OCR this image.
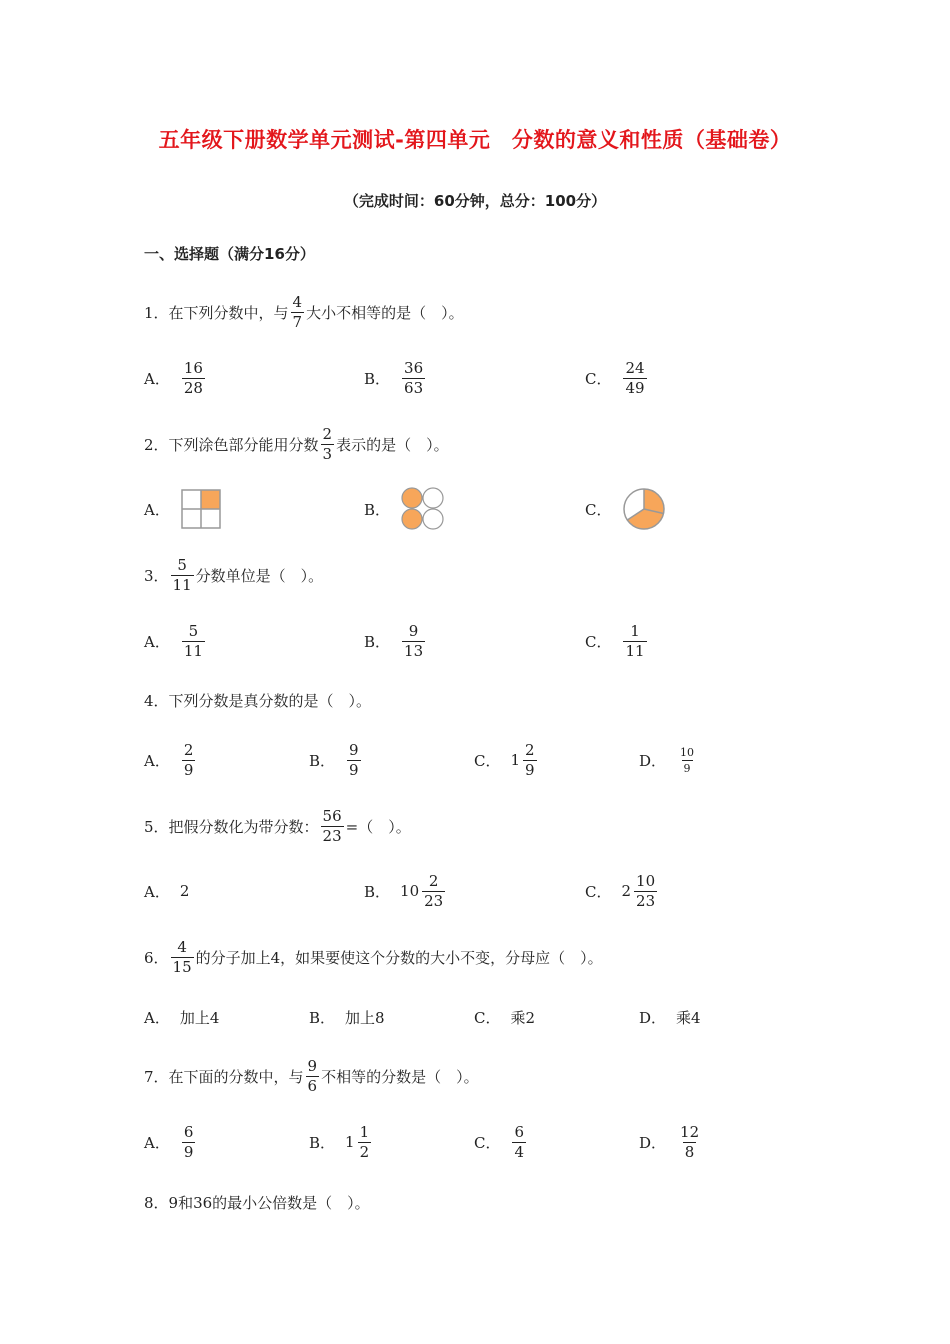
五年级下册数学单元测试-第四单元　分数的意义和性质（基础卷）
（完成时间：60分钟，总分：100分）
一、选择题（满分16分）
1．在下列分数中，与 $\frac{4}{7}$ 大小不相等的是（　）。
A． $\frac{16}{28}$	B． $\frac{36}{63}$	C． $\frac{24}{49}$
2．下列涂色部分能用分数 $\frac{2}{3}$ 表示的是（　）。
A．	B．	C．
3． $\frac{5}{11}$ 分数单位是（　）。
A． $\frac{5}{11}$	B． $\frac{9}{13}$	C． $\frac{1}{11}$
4．下列分数是真分数的是（　）。
A． $\frac{2}{9}$	B． $\frac{9}{9}$	C． $1 \frac{2}{9}$	D． $\frac{10}{9}$
5．把假分数化为带分数： $\frac{56}{23}$ =（　）。
A． 2	B． $10 \frac{2}{23}$	C． $2 \frac{10}{23}$
6． $\frac{4}{15}$ 的分子加上4，如果要使这个分数的大小不变，分母应（　）。
A． 加上4	B． 加上8	C． 乘2	D． 乘4
7．在下面的分数中，与 $\frac{9}{6}$ 不相等的分数是（　）。
A． $\frac{6}{9}$	B． $1 \frac{1}{2}$	C． $\frac{6}{4}$	D． $\frac{12}{8}$
8．9和36的最小公倍数是（　）。
